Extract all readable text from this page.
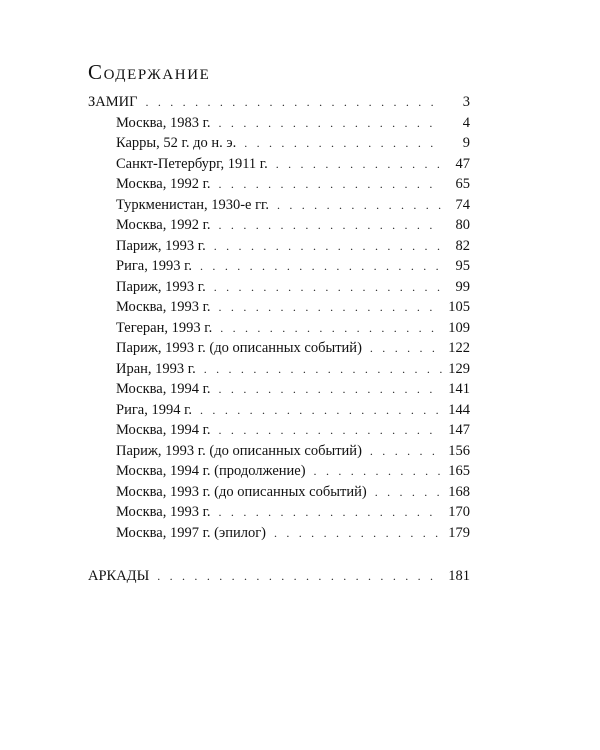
Содержание
ЗАМИГ . . .	3
Москва, 1983 г. . . .	4
Карры, 52 г. до н. э. . . .	9
Санкт-Петербург, 1911 г. . . .	47
Москва, 1992 г. . . .	65
Туркменистан, 1930-е гг. . . .	74
Москва, 1992 г. . . .	80
Париж, 1993 г. . . .	82
Рига, 1993 г. . . .	95
Париж, 1993 г. . . .	99
Москва, 1993 г. . . .	105
Тегеран, 1993 г. . . .	109
Париж, 1993 г. (до описанных событий) . . .	122
Иран, 1993 г. . . .	129
Москва, 1994 г. . . .	141
Рига, 1994 г. . . .	144
Москва, 1994 г. . . .	147
Париж, 1993 г. (до описанных событий) . . .	156
Москва, 1994 г. (продолжение) . . .	165
Москва, 1993 г. (до описанных событий) . . .	168
Москва, 1993 г. . . .	170
Москва, 1997 г. (эпилог) . . .	179
АРКАДЫ . . .	181
